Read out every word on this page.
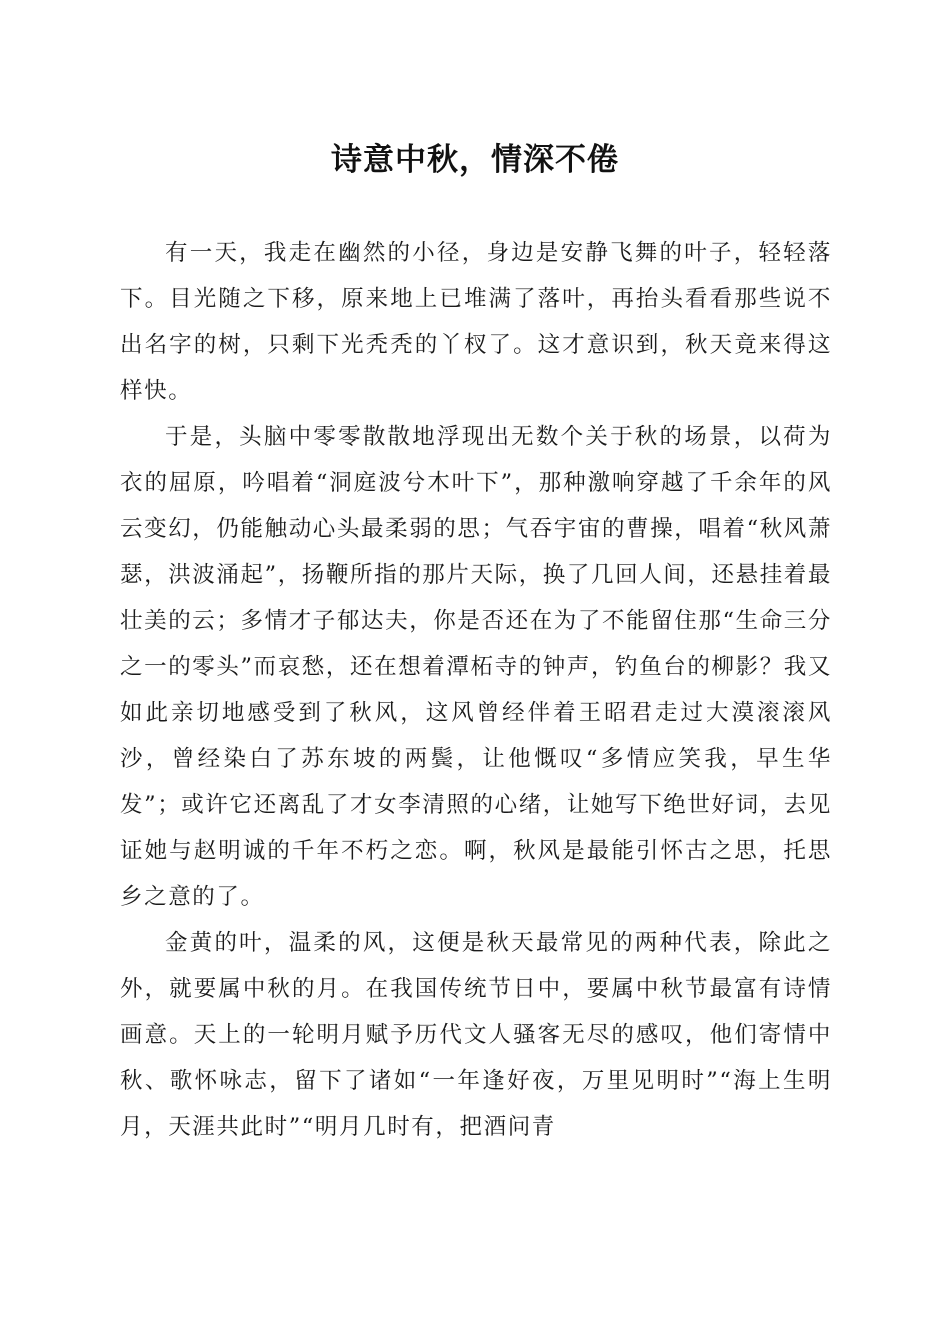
诗意中秋，情深不倦

有一天，我走在幽然的小径，身边是安静飞舞的叶子，轻轻落下。目光随之下移，原来地上已堆满了落叶，再抬头看看那些说不出名字的树，只剩下光秃秃的丫杈了。这才意识到，秋天竟来得这样快。

于是，头脑中零零散散地浮现出无数个关于秋的场景，以荷为衣的屈原，吟唱着“洞庭波兮木叶下”，那种激响穿越了千余年的风云变幻，仍能触动心头最柔弱的思；气吞宇宙的曹操，唱着“秋风萧瑟，洪波涌起”，扬鞭所指的那片天际，换了几回人间，还悬挂着最壮美的云；多情才子郁达夫，你是否还在为了不能留住那“生命三分之一的零头”而哀愁，还在想着潭柘寺的钟声，钓鱼台的柳影？我又如此亲切地感受到了秋风，这风曾经伴着王昭君走过大漠滚滚风沙，曾经染白了苏东坡的两鬓，让他慨叹“多情应笑我，早生华发”；或许它还离乱了才女李清照的心绪，让她写下绝世好词，去见证她与赵明诚的千年不朽之恋。啊，秋风是最能引怀古之思，托思乡之意的了。

金黄的叶，温柔的风，这便是秋天最常见的两种代表，除此之外，就要属中秋的月。在我国传统节日中，要属中秋节最富有诗情画意。天上的一轮明月赋予历代文人骚客无尽的感叹，他们寄情中秋、歌怀咏志，留下了诸如“一年逢好夜，万里见明时”“海上生明月，天涯共此时”“明月几时有，把酒问青
